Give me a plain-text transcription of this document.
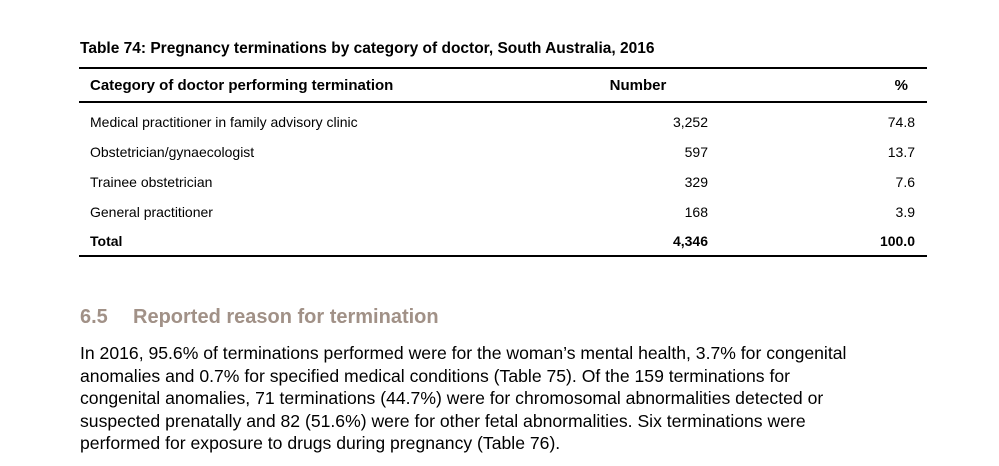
Table 74: Pregnancy terminations by category of doctor, South Australia, 2016
Category of doctor performing termination	Number	%
Medical practitioner in family advisory clinic	3,252	74.8
Obstetrician/gynaecologist	597	13.7
Trainee obstetrician	329	7.6
General practitioner	168	3.9
Total	4,346	100.0
6.5 Reported reason for termination

In 2016, 95.6% of terminations performed were for the woman’s mental health, 3.7% for congenital
anomalies and 0.7% for specified medical conditions (Table 75). Of the 159 terminations for
congenital anomalies, 71 terminations (44.7%) were for chromosomal abnormalities detected or
suspected prenatally and 82 (51.6%) were for other fetal abnormalities. Six terminations were
performed for exposure to drugs during pregnancy (Table 76).
